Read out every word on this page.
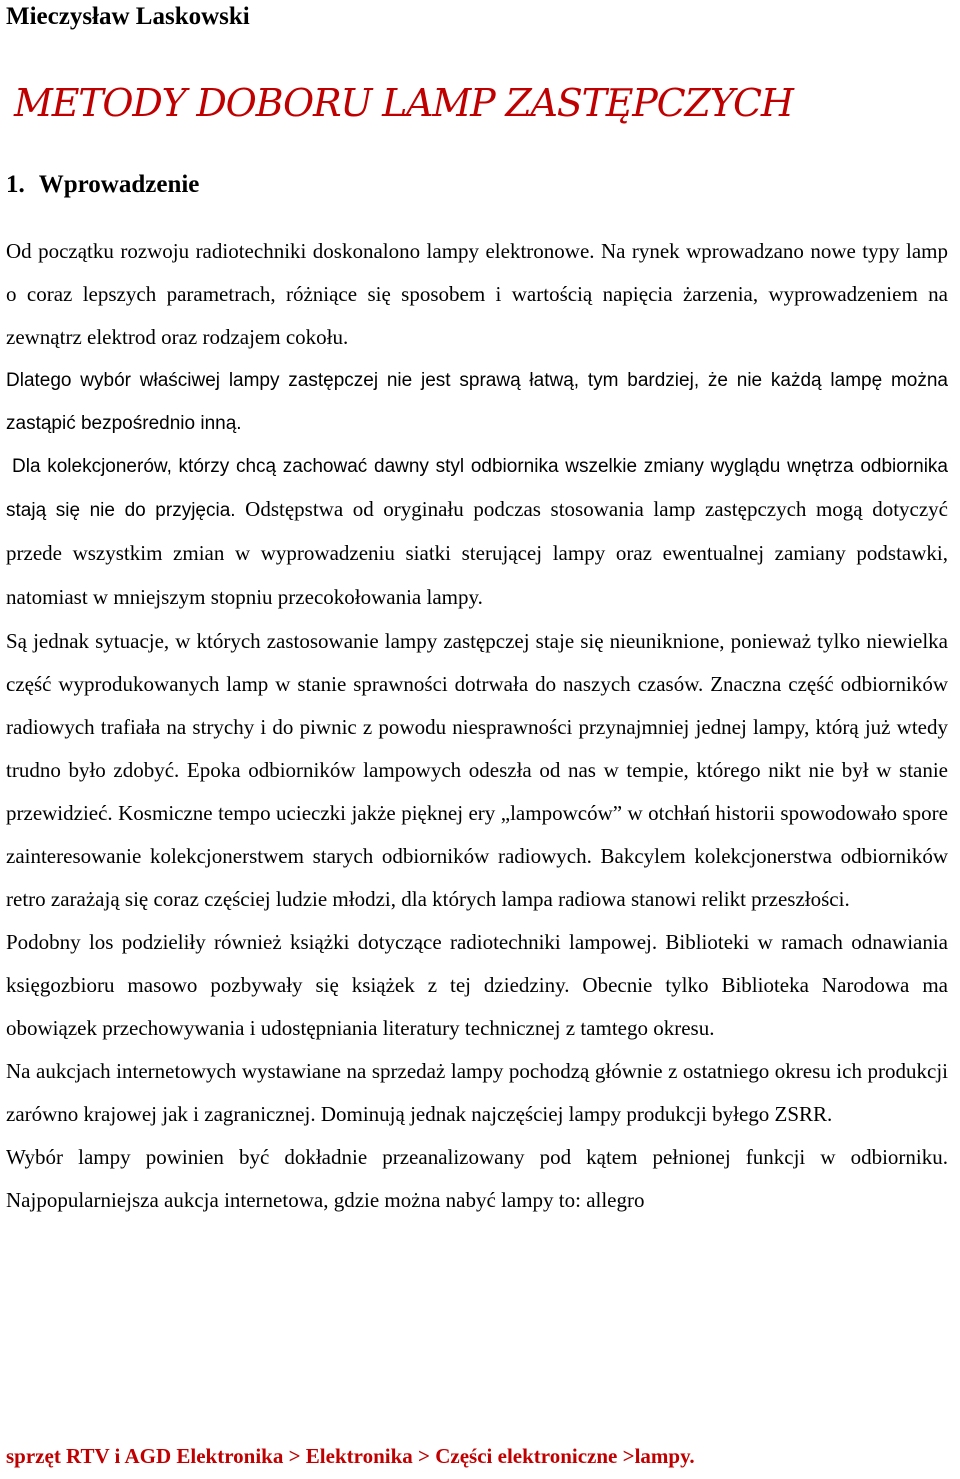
Mieczysław Laskowski
METODY DOBORU LAMP ZASTĘPCZYCH
1. Wprowadzenie

Od początku rozwoju radiotechniki doskonalono lampy elektronowe. Na rynek wprowadzano nowe typy lamp o coraz lepszych parametrach, różniące się sposobem i wartością napięcia żarzenia, wyprowadzeniem na zewnątrz elektrod oraz rodzajem cokołu.

Dlatego wybór właściwej lampy zastępczej nie jest sprawą łatwą, tym bardziej, że nie każdą lampę można zastąpić bezpośrednio inną.

Dla kolekcjonerów, którzy chcą zachować dawny styl odbiornika wszelkie zmiany wyglądu wnętrza odbiornika stają się nie do przyjęcia. Odstępstwa od oryginału podczas stosowania lamp zastępczych mogą dotyczyć przede wszystkim zmian w wyprowadzeniu siatki sterującej lampy oraz ewentualnej zamiany podstawki, natomiast w mniejszym stopniu przecokołowania lampy.

Są jednak sytuacje, w których zastosowanie lampy zastępczej staje się nieuniknione, ponieważ tylko niewielka część wyprodukowanych lamp w stanie sprawności dotrwała do naszych czasów. Znaczna część odbiorników radiowych trafiała na strychy i do piwnic z powodu niesprawności przynajmniej jednej lampy, którą już wtedy trudno było zdobyć. Epoka odbiorników lampowych odeszła od nas w tempie, którego nikt nie był w stanie przewidzieć. Kosmiczne tempo ucieczki jakże pięknej ery „lampowców” w otchłań historii spowodowało spore zainteresowanie kolekcjonerstwem starych odbiorników radiowych. Bakcylem kolekcjonerstwa odbiorników retro zarażają się coraz częściej ludzie młodzi, dla których lampa radiowa stanowi relikt przeszłości.

Podobny los podzieliły również książki dotyczące radiotechniki lampowej. Biblioteki w ramach odnawiania księgozbioru masowo pozbywały się książek z tej dziedziny. Obecnie tylko Biblioteka Narodowa ma obowiązek przechowywania i udostępniania literatury technicznej z tamtego okresu.

Na aukcjach internetowych wystawiane na sprzedaż lampy pochodzą głównie z ostatniego okresu ich produkcji zarówno krajowej jak i zagranicznej. Dominują jednak najczęściej lampy produkcji byłego ZSRR.

Wybór lampy powinien być dokładnie przeanalizowany pod kątem pełnionej funkcji w odbiorniku. Najpopularniejsza aukcja internetowa, gdzie można nabyć lampy to: allegro

sprzęt RTV i AGD Elektronika > Elektronika > Części elektroniczne >lampy.
